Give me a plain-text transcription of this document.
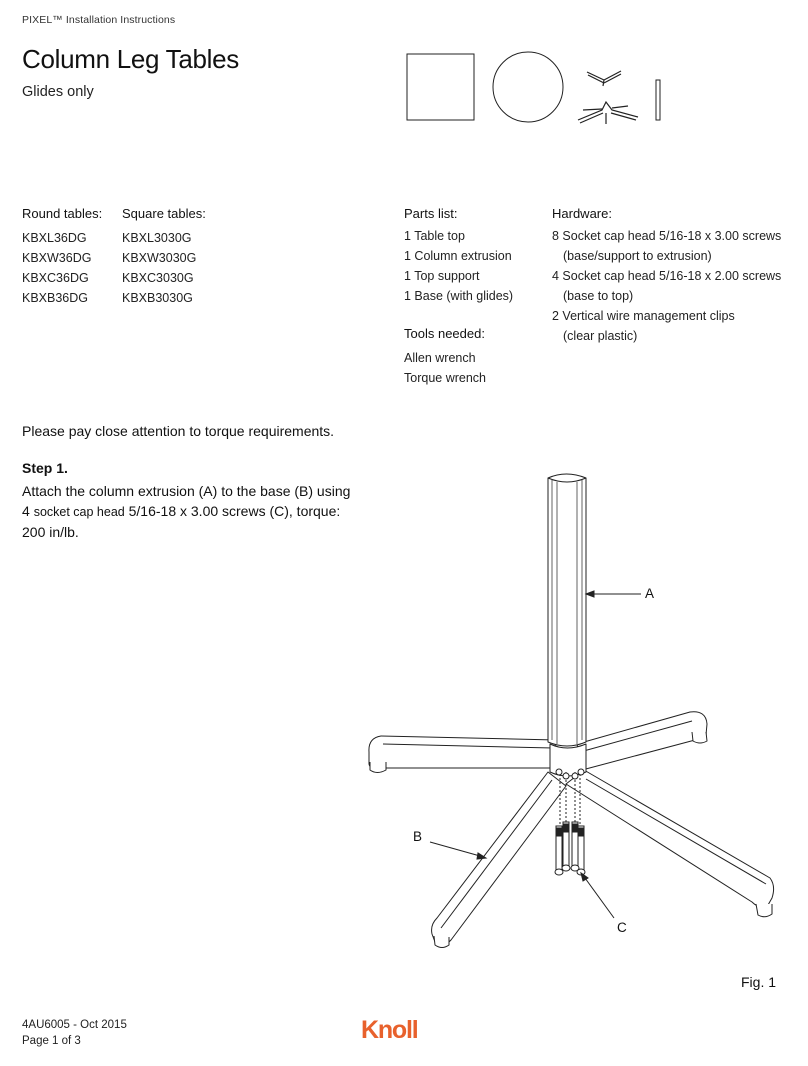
PIXEL™ Installation Instructions
Column Leg Tables
Glides only
Round tables:
KBXL36DG
KBXW36DG
KBXC36DG
KBXB36DG
Square tables:
KBXL3030G
KBXW3030G
KBXC3030G
KBXB3030G
Parts list:
1 Table top
1 Column extrusion
1 Top support
1 Base (with glides)
Tools needed:
Allen wrench
Torque wrench
Hardware:
8 Socket cap head 5/16-18 x 3.00 screws
(base/support to extrusion)
4 Socket cap head 5/16-18 x 2.00 screws
(base to top)
2 Vertical wire management clips
(clear plastic)
Please pay close attention to torque requirements.
Step 1.
Attach the column extrusion (A) to the base (B) using 4 socket cap head 5/16-18 x 3.00 screws (C), torque: 200 in/lb.
A
B
C
Fig. 1
4AU6005 - Oct 2015
Page 1 of 3	Knoll
